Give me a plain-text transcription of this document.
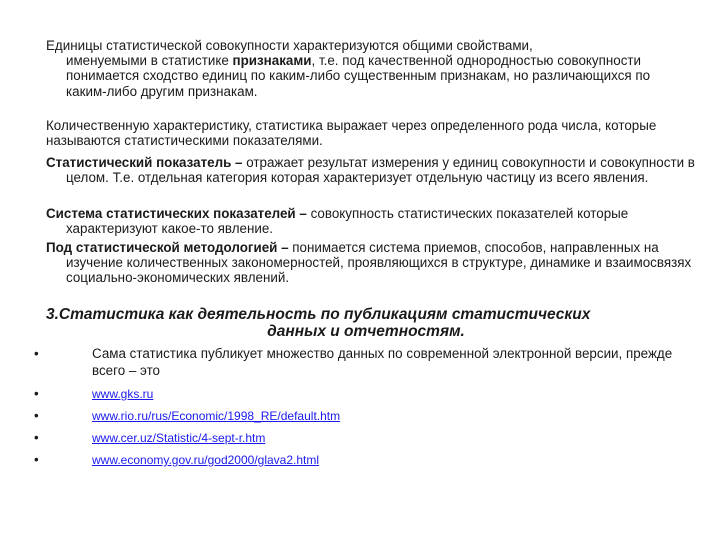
Единицы статистической совокупности характеризуются общими свойствами,

именуемыми в статистике признаками, т.е. под качественной однородностью совокупности понимается сходство единиц по каким-либо существенным признакам, но различающихся по каким-либо другим признакам.

Количественную характеристику, статистика выражает через определенного рода числа, которые называются статистическими показателями.

Статистический показатель – отражает результат измерения у единиц совокупности и совокупности в целом. Т.е. отдельная категория которая характеризует отдельную частицу из всего явления.

Система статистических показателей – совокупность статистических показателей которые характеризуют какое-то явление.

Под статистической методологией – понимается система приемов, способов, направленных на изучение количественных закономерностей, проявляющихся в структуре, динамике и взаимосвязях социально-экономических явлений.

3.Статистика как деятельность по публикациям статистических
данных и отчетностям.
•	Сама статистика публикует множество данных по современной электронной версии, прежде всего – это
•	www.gks.ru
•	www.rio.ru/rus/Economic/1998_RE/default.htm
•	www.cer.uz/Statistic/4-sept-r.htm
•	www.economy.gov.ru/god2000/glava2.html
